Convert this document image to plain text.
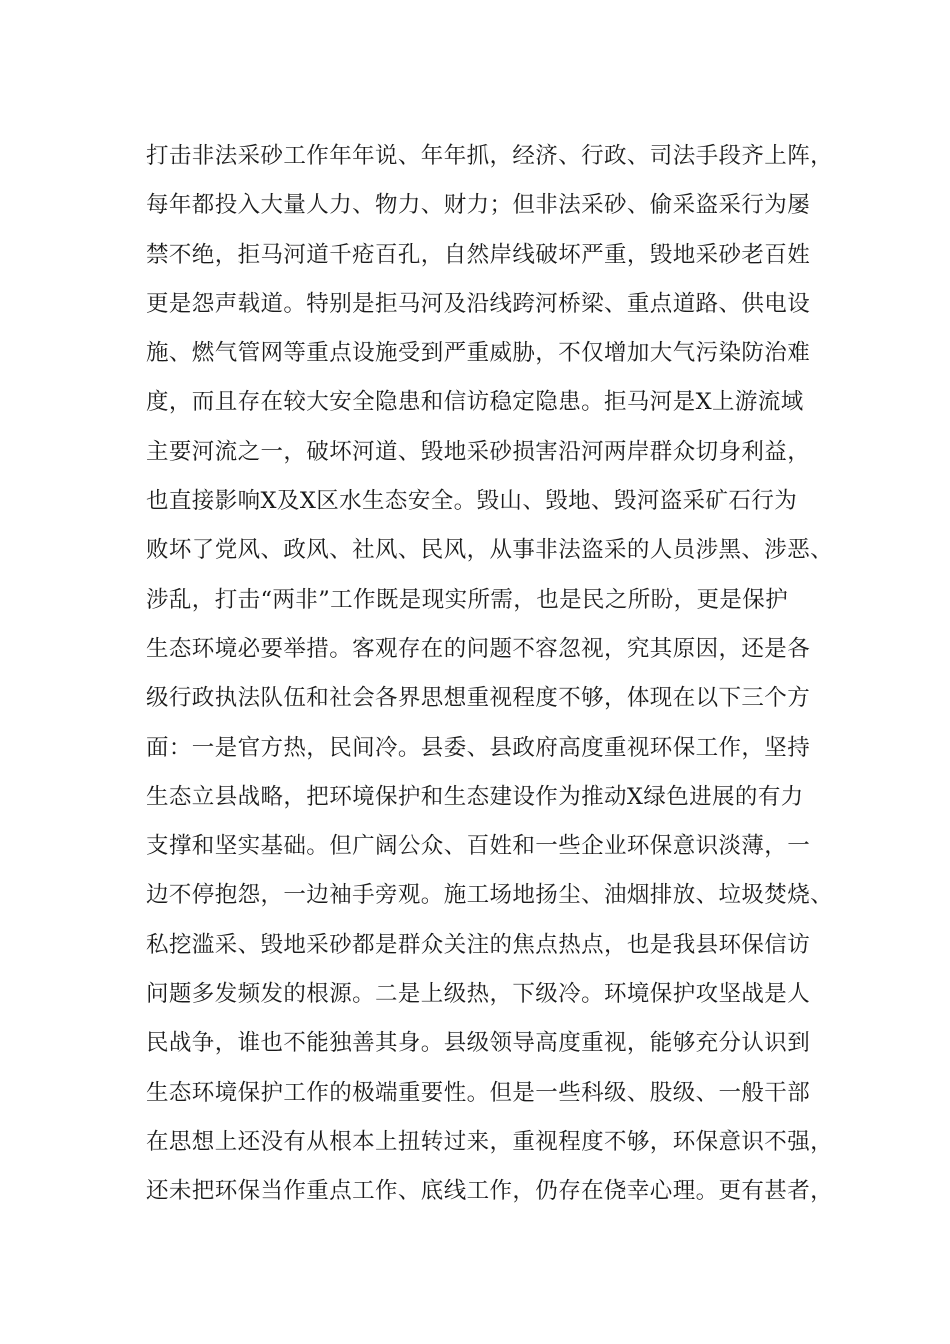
打击非法采砂工作年年说、年年抓，经济、行政、司法手段齐上阵，
每年都投入大量人力、物力、财力；但非法采砂、偷采盗采行为屡
禁不绝，拒马河道千疮百孔，自然岸线破坏严重，毁地采砂老百姓
更是怨声载道。特别是拒马河及沿线跨河桥梁、重点道路、供电设
施、燃气管网等重点设施受到严重威胁，不仅增加大气污染防治难
度，而且存在较大安全隐患和信访稳定隐患。拒马河是X上游流域
主要河流之一，破坏河道、毁地采砂损害沿河两岸群众切身利益，
也直接影响X及X区水生态安全。毁山、毁地、毁河盗采矿石行为
败坏了党风、政风、社风、民风，从事非法盗采的人员涉黑、涉恶、
涉乱，打击“两非”工作既是现实所需，也是民之所盼，更是保护
生态环境必要举措。客观存在的问题不容忽视，究其原因，还是各
级行政执法队伍和社会各界思想重视程度不够，体现在以下三个方
面：一是官方热，民间冷。县委、县政府高度重视环保工作，坚持
生态立县战略，把环境保护和生态建设作为推动X绿色进展的有力
支撑和坚实基础。但广阔公众、百姓和一些企业环保意识淡薄，一
边不停抱怨，一边袖手旁观。施工场地扬尘、油烟排放、垃圾焚烧、
私挖滥采、毁地采砂都是群众关注的焦点热点，也是我县环保信访
问题多发频发的根源。二是上级热，下级冷。环境保护攻坚战是人
民战争，谁也不能独善其身。县级领导高度重视，能够充分认识到
生态环境保护工作的极端重要性。但是一些科级、股级、一般干部
在思想上还没有从根本上扭转过来，重视程度不够，环保意识不强，
还未把环保当作重点工作、底线工作，仍存在侥幸心理。更有甚者，
